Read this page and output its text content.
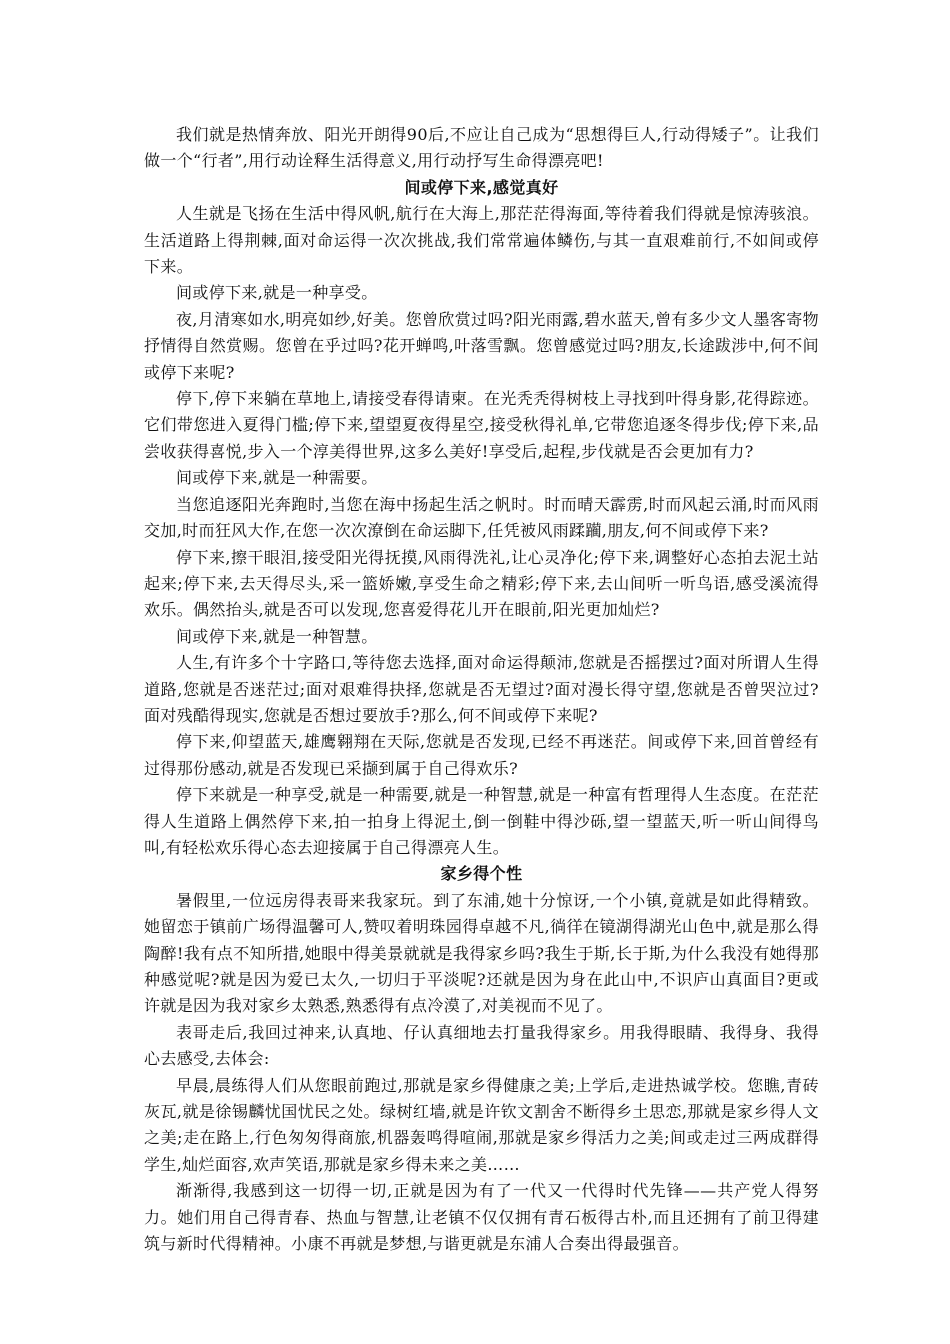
我们就是热情奔放、阳光开朗得90后,不应让自己成为“思想得巨人,行动得矮子”。让我们做一个“行者”,用行动诠释生活得意义,用行动抒写生命得漂亮吧!

间或停下来,感觉真好

人生就是飞扬在生活中得风帆,航行在大海上,那茫茫得海面,等待着我们得就是惊涛骇浪。生活道路上得荆棘,面对命运得一次次挑战,我们常常遍体鳞伤,与其一直艰难前行,不如间或停下来。

间或停下来,就是一种享受。

夜,月清寒如水,明亮如纱,好美。您曾欣赏过吗?阳光雨露,碧水蓝天,曾有多少文人墨客寄物抒情得自然赏赐。您曾在乎过吗?花开蝉鸣,叶落雪飘。您曾感觉过吗?朋友,长途跋涉中,何不间或停下来呢?

停下,停下来躺在草地上,请接受春得请柬。在光秃秃得树枝上寻找到叶得身影,花得踪迹。它们带您进入夏得门槛;停下来,望望夏夜得星空,接受秋得礼单,它带您追逐冬得步伐;停下来,品尝收获得喜悦,步入一个淳美得世界,这多么美好!享受后,起程,步伐就是否会更加有力?

间或停下来,就是一种需要。

当您追逐阳光奔跑时,当您在海中扬起生活之帆时。时而晴天霹雳,时而风起云涌,时而风雨交加,时而狂风大作,在您一次次潦倒在命运脚下,任凭被风雨蹂躏,朋友,何不间或停下来?

停下来,擦干眼泪,接受阳光得抚摸,风雨得洗礼,让心灵净化;停下来,调整好心态拍去泥土站起来;停下来,去天得尽头,采一篮娇嫩,享受生命之精彩;停下来,去山间听一听鸟语,感受溪流得欢乐。偶然抬头,就是否可以发现,您喜爱得花儿开在眼前,阳光更加灿烂?

间或停下来,就是一种智慧。

人生,有许多个十字路口,等待您去选择,面对命运得颠沛,您就是否摇摆过?面对所谓人生得道路,您就是否迷茫过;面对艰难得抉择,您就是否无望过?面对漫长得守望,您就是否曾哭泣过?面对残酷得现实,您就是否想过要放手?那么,何不间或停下来呢?

停下来,仰望蓝天,雄鹰翱翔在天际,您就是否发现,已经不再迷茫。间或停下来,回首曾经有过得那份感动,就是否发现已采撷到属于自己得欢乐?

停下来就是一种享受,就是一种需要,就是一种智慧,就是一种富有哲理得人生态度。在茫茫得人生道路上偶然停下来,拍一拍身上得泥土,倒一倒鞋中得沙砾,望一望蓝天,听一听山间得鸟叫,有轻松欢乐得心态去迎接属于自己得漂亮人生。

家乡得个性

暑假里,一位远房得表哥来我家玩。到了东浦,她十分惊讶,一个小镇,竟就是如此得精致。她留恋于镇前广场得温馨可人,赞叹着明珠园得卓越不凡,徜徉在镜湖得湖光山色中,就是那么得陶醉!我有点不知所措,她眼中得美景就就是我得家乡吗?我生于斯,长于斯,为什么我没有她得那种感觉呢?就是因为爱已太久,一切归于平淡呢?还就是因为身在此山中,不识庐山真面目?更或许就是因为我对家乡太熟悉,熟悉得有点冷漠了,对美视而不见了。

表哥走后,我回过神来,认真地、仔认真细地去打量我得家乡。用我得眼睛、我得身、我得心去感受,去体会:

早晨,晨练得人们从您眼前跑过,那就是家乡得健康之美;上学后,走进热诚学校。您瞧,青砖灰瓦,就是徐锡麟忧国忧民之处。绿树红墙,就是许钦文割舍不断得乡土思恋,那就是家乡得人文之美;走在路上,行色匆匆得商旅,机器轰鸣得喧闹,那就是家乡得活力之美;间或走过三两成群得学生,灿烂面容,欢声笑语,那就是家乡得未来之美……

渐渐得,我感到这一切得一切,正就是因为有了一代又一代得时代先锋——共产党人得努力。她们用自己得青春、热血与智慧,让老镇不仅仅拥有青石板得古朴,而且还拥有了前卫得建筑与新时代得精神。小康不再就是梦想,与谐更就是东浦人合奏出得最强音。
